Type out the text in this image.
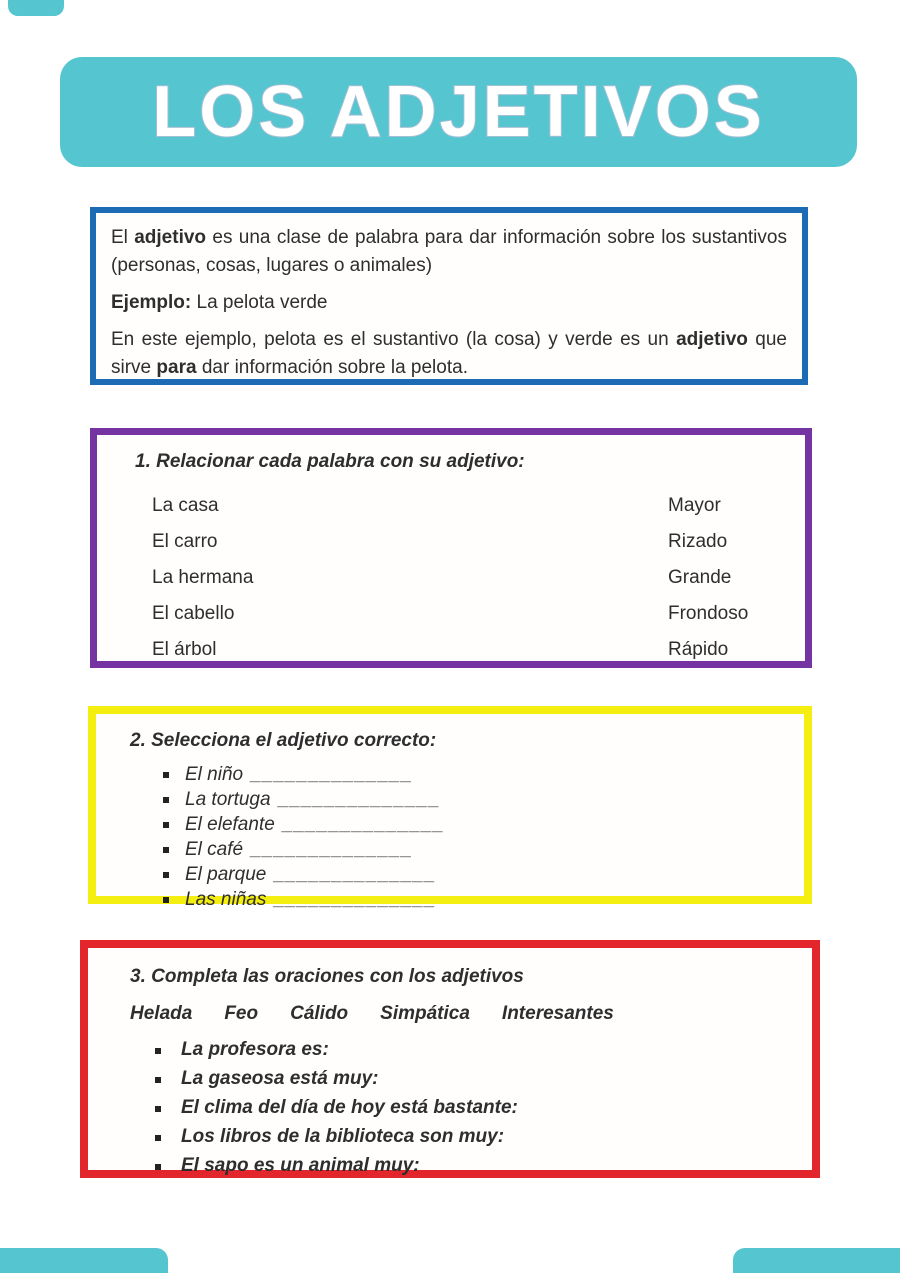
LOS ADJETIVOS

El adjetivo es una clase de palabra para dar información sobre los sustantivos (personas, cosas, lugares o animales)

Ejemplo: La pelota verde

En este ejemplo, pelota es el sustantivo (la cosa) y verde es un adjetivo que sirve para dar información sobre la pelota.

1. Relacionar cada palabra con su adjetivo:

La casa	Mayor
El carro	Rizado
La hermana	Grande
El cabello	Frondoso
El árbol	Rápido

2. Selecciona el adjetivo correcto:

El niño ______________
La tortuga ______________
El elefante ______________
El café ______________
El parque ______________
Las niñas ______________

3. Completa las oraciones con los adjetivos

Helada Feo Cálido Simpática Interesantes
La profesora es:
La gaseosa está muy:
El clima del día de hoy está bastante:
Los libros de la biblioteca son muy:
El sapo es un animal muy:
